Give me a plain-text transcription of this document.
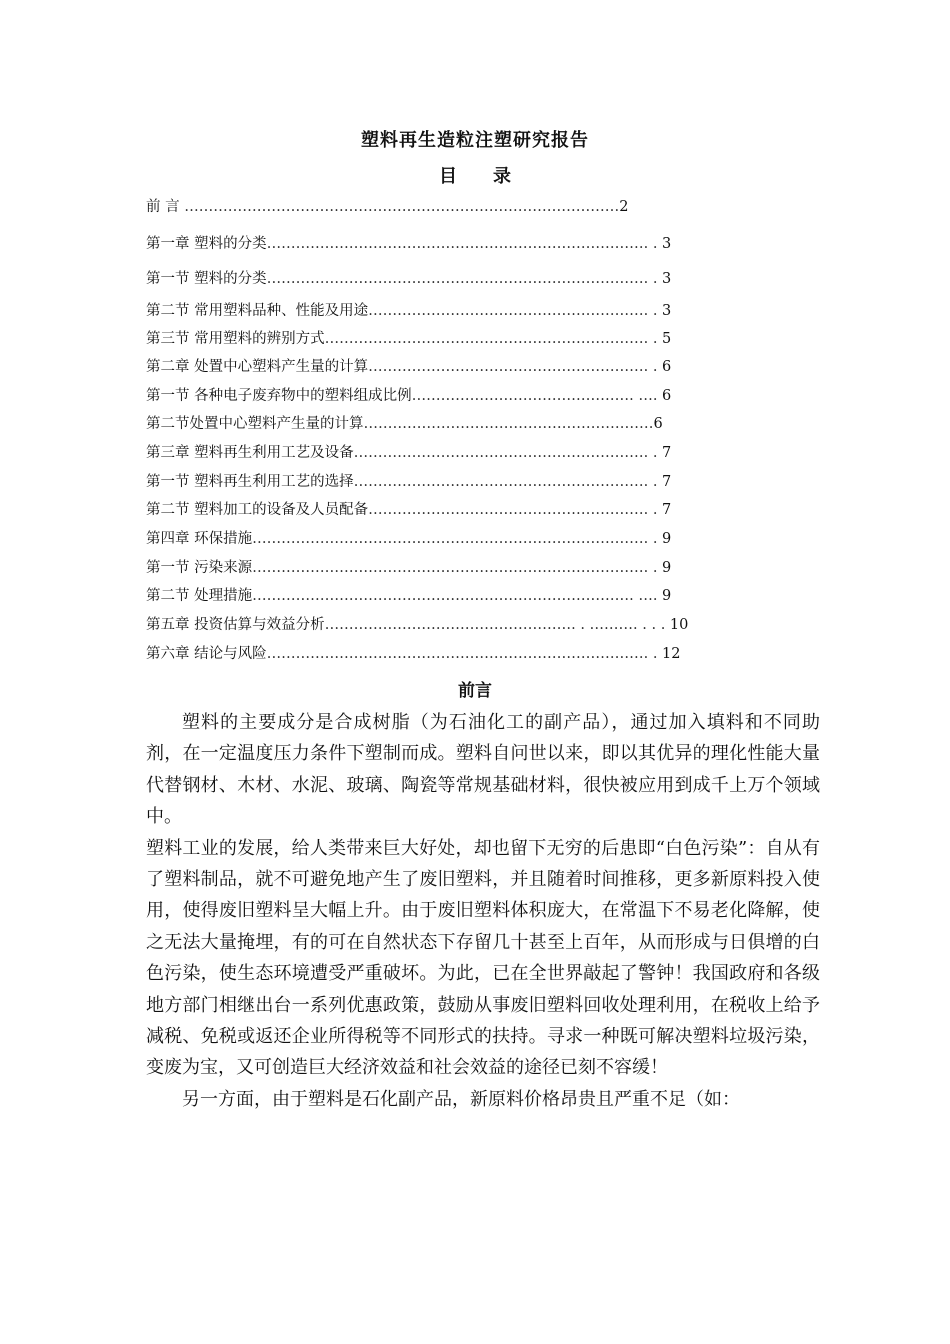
塑料再生造粒注塑研究报告
目 录
前 言 ………………………………………………………………………………2
第一章 塑料的分类……………………………………………………………………. . 3
第一节 塑料的分类……………………………………………………………………. . 3
第二节 常用塑料品种、性能及用途…………………………………………………. . 3
第三节 常用塑料的辨别方式…………………………………………………………. . 5
第二章 处置中心塑料产生量的计算…………………………………………………. . 6
第一节 各种电子废弃物中的塑料组成比例………………………………………. …. 6
第二节处置中心塑料产生量的计算……………………………………………………6
第三章 塑料再生利用工艺及设备……………………………………………………. . 7
第一节 塑料再生利用工艺的选择……………………………………………………. . 7
第二节 塑料加工的设备及人员配备…………………………………………………. . 7
第四章 环保措施………………………………………………………………………. . 9
第一节 污染来源………………………………………………………………………. . 9
第二节 处理措施……………………………………………………………………. …. 9
第五章 投资估算与效益分析……………………………………………. . ………. . . . 10
第六章 结论与风险……………………………………………………………………. . 12
前言

塑料的主要成分是合成树脂（为石油化工的副产品），通过加入填料和不同助剂，在一定温度压力条件下塑制而成。塑料自问世以来，即以其优异的理化性能大量代替钢材、木材、水泥、玻璃、陶瓷等常规基础材料，很快被应用到成千上万个领域中。

塑料工业的发展，给人类带来巨大好处，却也留下无穷的后患即“白色污染”：自从有了塑料制品，就不可避免地产生了废旧塑料，并且随着时间推移，更多新原料投入使用，使得废旧塑料呈大幅上升。由于废旧塑料体积庞大，在常温下不易老化降解，使之无法大量掩埋，有的可在自然状态下存留几十甚至上百年，从而形成与日俱增的白色污染，使生态环境遭受严重破坏。为此，已在全世界敲起了警钟！我国政府和各级地方部门相继出台一系列优惠政策，鼓励从事废旧塑料回收处理利用，在税收上给予减税、免税或返还企业所得税等不同形式的扶持。寻求一种既可解决塑料垃圾污染，变废为宝，又可创造巨大经济效益和社会效益的途径已刻不容缓！

另一方面，由于塑料是石化副产品，新原料价格昂贵且严重不足（如：
